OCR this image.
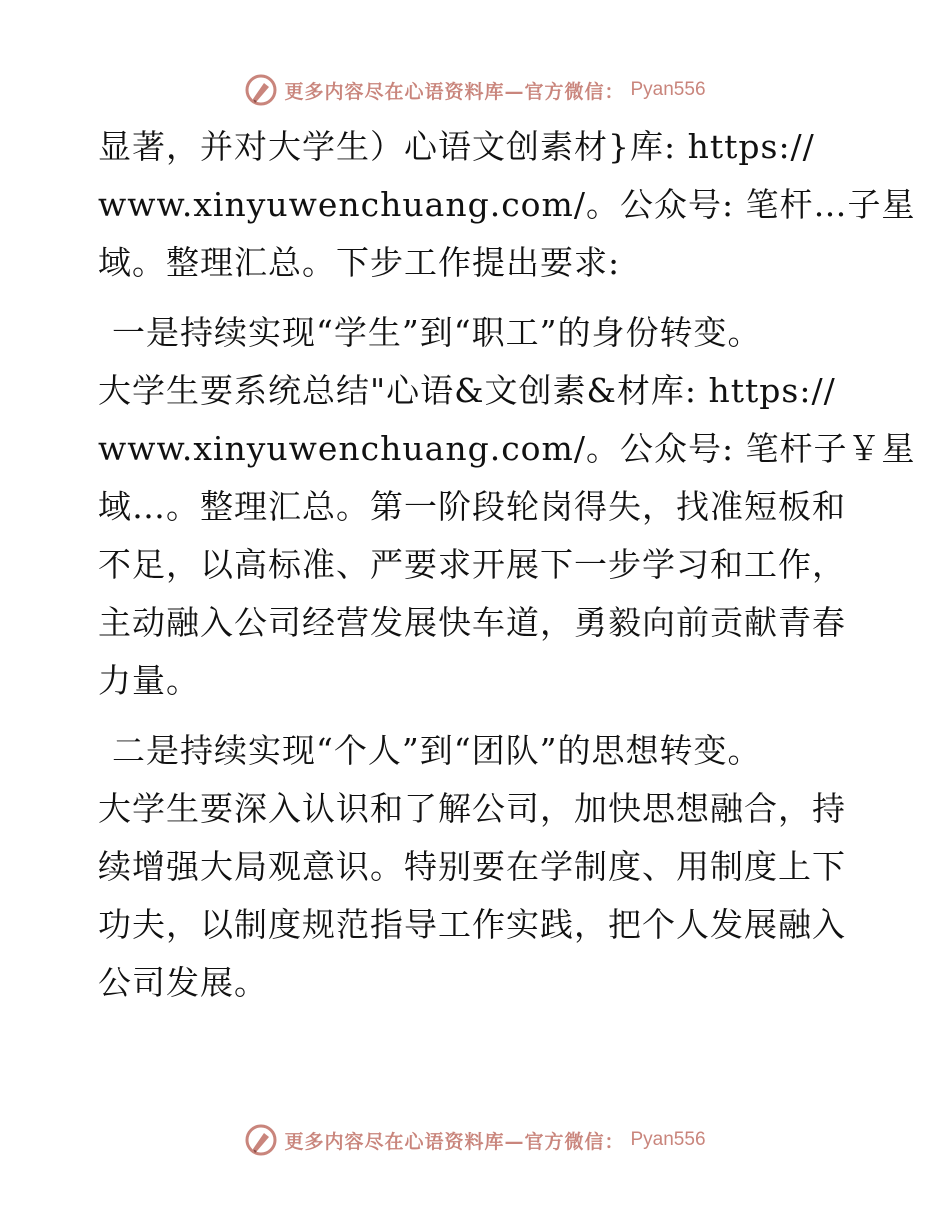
更多内容尽在心语资料库—官方微信： Pyan556
显著，并对大学生）心语文创素材}库: https://
www.xinyuwenchuang.com/。公众号: 笔杆…子星
域。整理汇总。下步工作提出要求:
一是持续实现“学生”到“职工”的身份转变。
大学生要系统总结"心语&文创素&材库: https://
www.xinyuwenchuang.com/。公众号: 笔杆子￥星
域…。整理汇总。第一阶段轮岗得失，找准短板和
不足，以高标准、严要求开展下一步学习和工作，
主动融入公司经营发展快车道，勇毅向前贡献青春
力量。
二是持续实现“个人”到“团队”的思想转变。
大学生要深入认识和了解公司，加快思想融合，持
续增强大局观意识。特别要在学制度、用制度上下
功夫，以制度规范指导工作实践，把个人发展融入
公司发展。
更多内容尽在心语资料库—官方微信： Pyan556
